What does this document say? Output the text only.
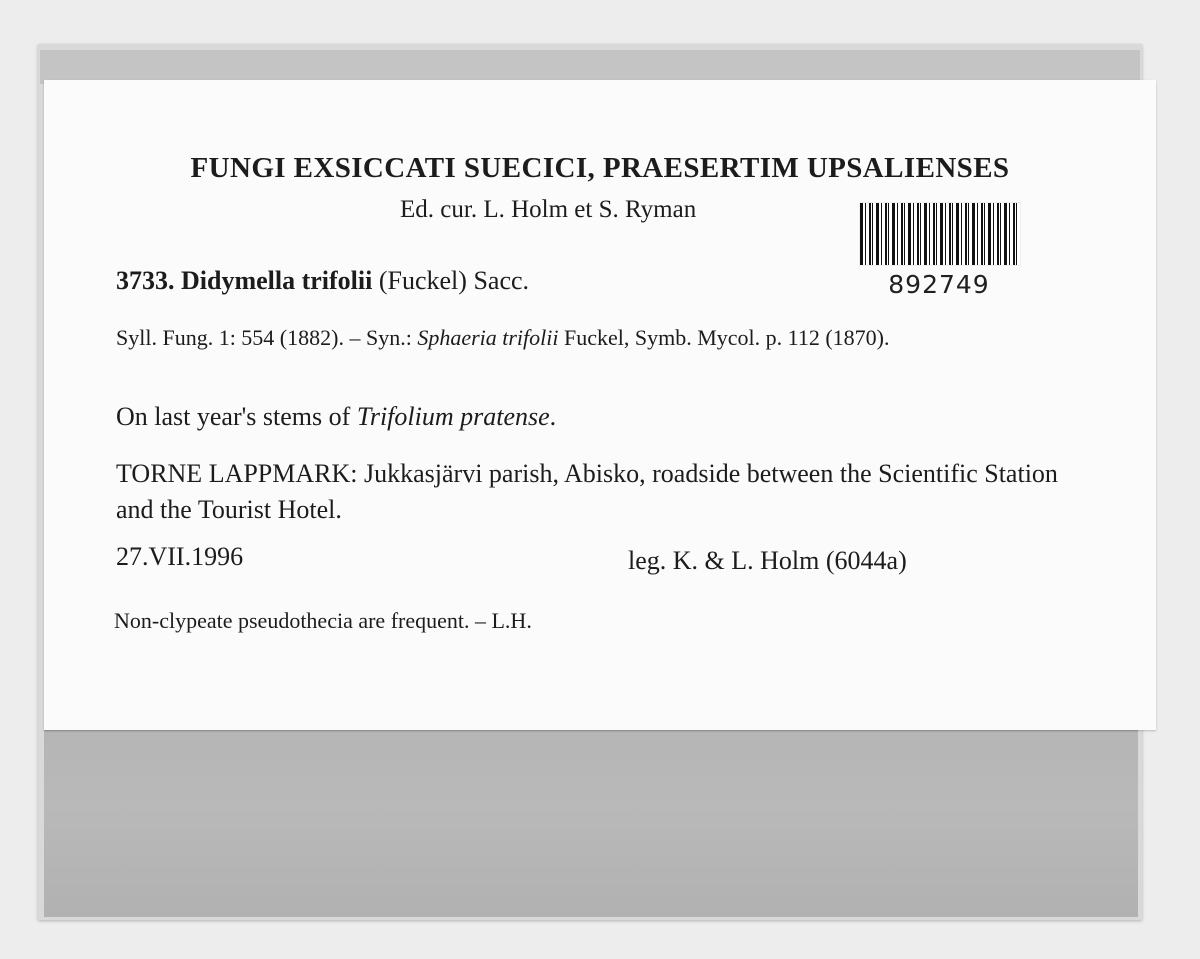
FUNGI EXSICCATI SUECICI, PRAESERTIM UPSALIENSES
Ed. cur. L. Holm et S. Ryman
892749
3733. Didymella trifolii (Fuckel) Sacc.
Syll. Fung. 1: 554 (1882). – Syn.: Sphaeria trifolii Fuckel, Symb. Mycol. p. 112 (1870).
On last year's stems of Trifolium pratense.
TORNE LAPPMARK: Jukkasjärvi parish, Abisko, roadside between the Scientific Station and the Tourist Hotel.
27.VII.1996	leg. K. & L. Holm (6044a)
Non-clypeate pseudothecia are frequent. – L.H.
